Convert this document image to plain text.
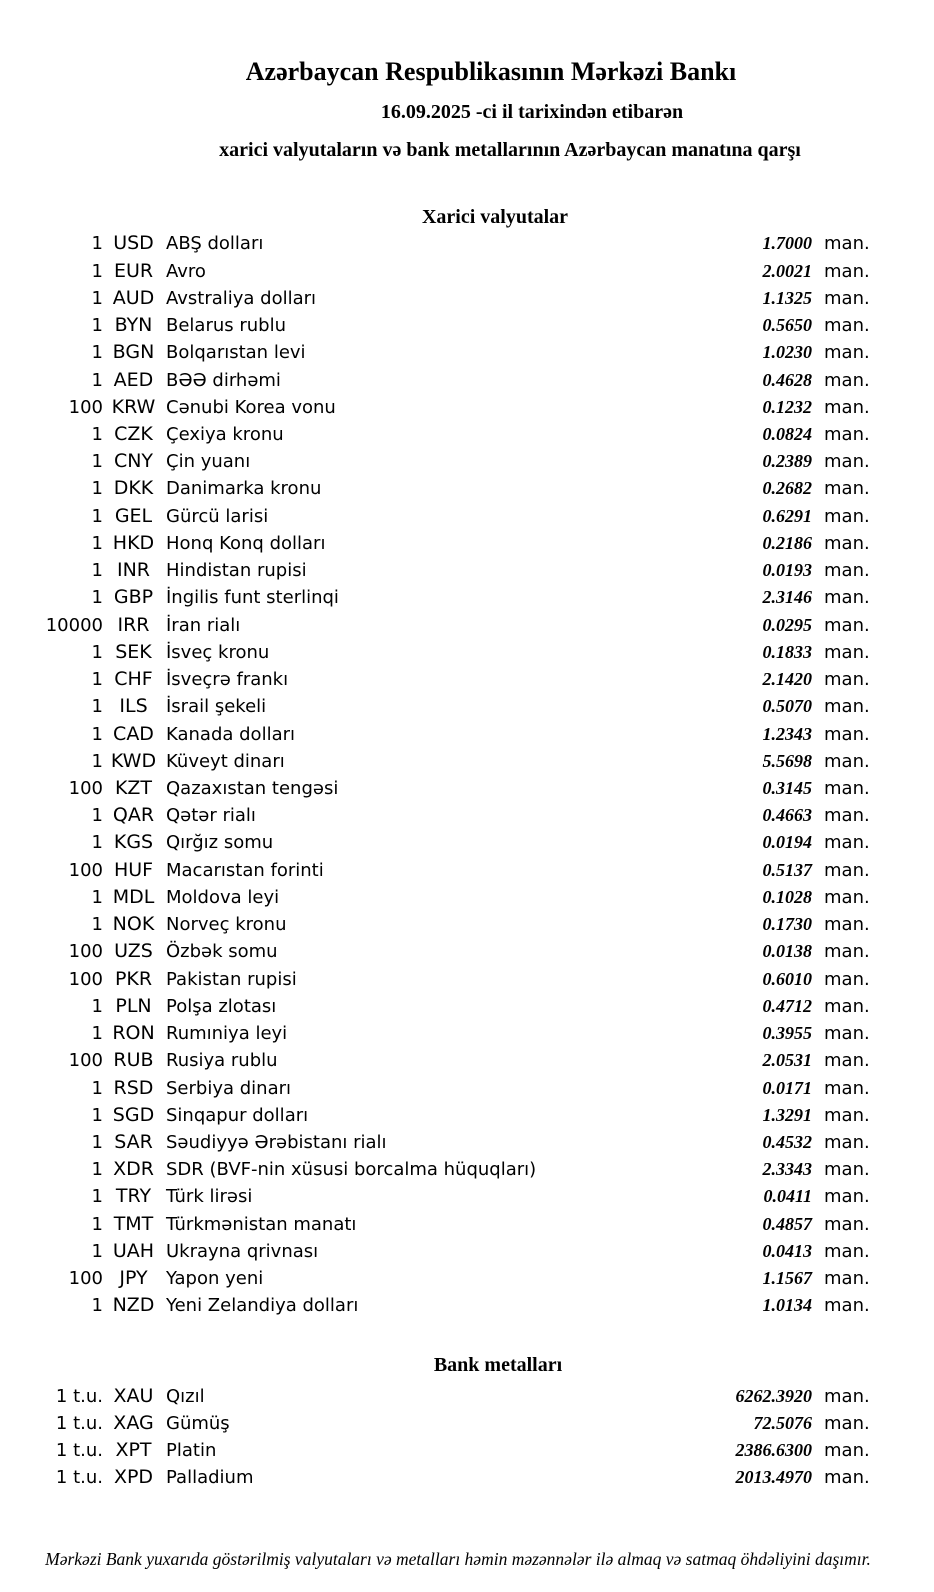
Azərbaycan Respublikasının Mərkəzi Bankı
16.09.2025 -ci il tarixindən etibarən
xarici valyutaların və bank metallarının Azərbaycan manatına qarşı
Xarici valyutalar
1 USD ABŞ dolları	1.7000 man.
1 EUR Avro	2.0021 man.
1 AUD Avstraliya dolları	1.1325 man.
1 BYN Belarus rublu	0.5650 man.
1 BGN Bolqarıstan levi	1.0230 man.
1 AED BƏƏ dirhəmi	0.4628 man.
100 KRW Cənubi Korea vonu	0.1232 man.
1 CZK Çexiya kronu	0.0824 man.
1 CNY Çin yuanı	0.2389 man.
1 DKK Danimarka kronu	0.2682 man.
1 GEL Gürcü larisi	0.6291 man.
1 HKD Honq Konq dolları	0.2186 man.
1 INR Hindistan rupisi	0.0193 man.
1 GBP İngilis funt sterlinqi	2.3146 man.
10000 IRR İran rialı	0.0295 man.
1 SEK İsveç kronu	0.1833 man.
1 CHF İsveçrə frankı	2.1420 man.
1 ILS	İsrail şekeli	0.5070 man.
1 CAD Kanada dolları	1.2343 man.
1 KWD Küveyt dinarı	5.5698 man.
100 KZT Qazaxıstan tengəsi	0.3145 man.
1 QAR Qətər rialı	0.4663 man.
1 KGS Qırğız somu	0.0194 man.
100 HUF Macarıstan forinti	0.5137 man.
1 MDL Moldova leyi	0.1028 man.
1 NOK Norveç kronu	0.1730 man.
100 UZS Özbək somu	0.0138 man.
100 PKR Pakistan rupisi	0.6010 man.
1 PLN Polşa zlotası	0.4712 man.
1 RON Rumıniya leyi	0.3955 man.
100 RUB Rusiya rublu	2.0531 man.
1 RSD Serbiya dinarı	0.0171 man.
1 SGD Sinqapur dolları	1.3291 man.
1 SAR Səudiyyə Ərəbistanı rialı	0.4532 man.
1 XDR SDR (BVF-nin xüsusi borcalma hüquqları)	2.3343 man.
1 TRY Türk lirəsi	0.0411 man.
1 TMT Türkmənistan manatı	0.4857 man.
1 UAH Ukrayna qrivnası	0.0413 man.
100 JPY	Yapon yeni	1.1567 man.
1 NZD Yeni Zelandiya dolları	1.0134 man.
Bank metalları
1 t.u. XAU Qızıl	6262.3920 man.
1 t.u. XAG Gümüş	72.5076 man.
1 t.u. XPT Platin	2386.6300 man.
1 t.u. XPD Palladium	2013.4970 man.
Mərkəzi Bank yuxarıda göstərilmiş valyutaları və metalları həmin məzənnələr ilə almaq və satmaq öhdəliyini daşımır.
